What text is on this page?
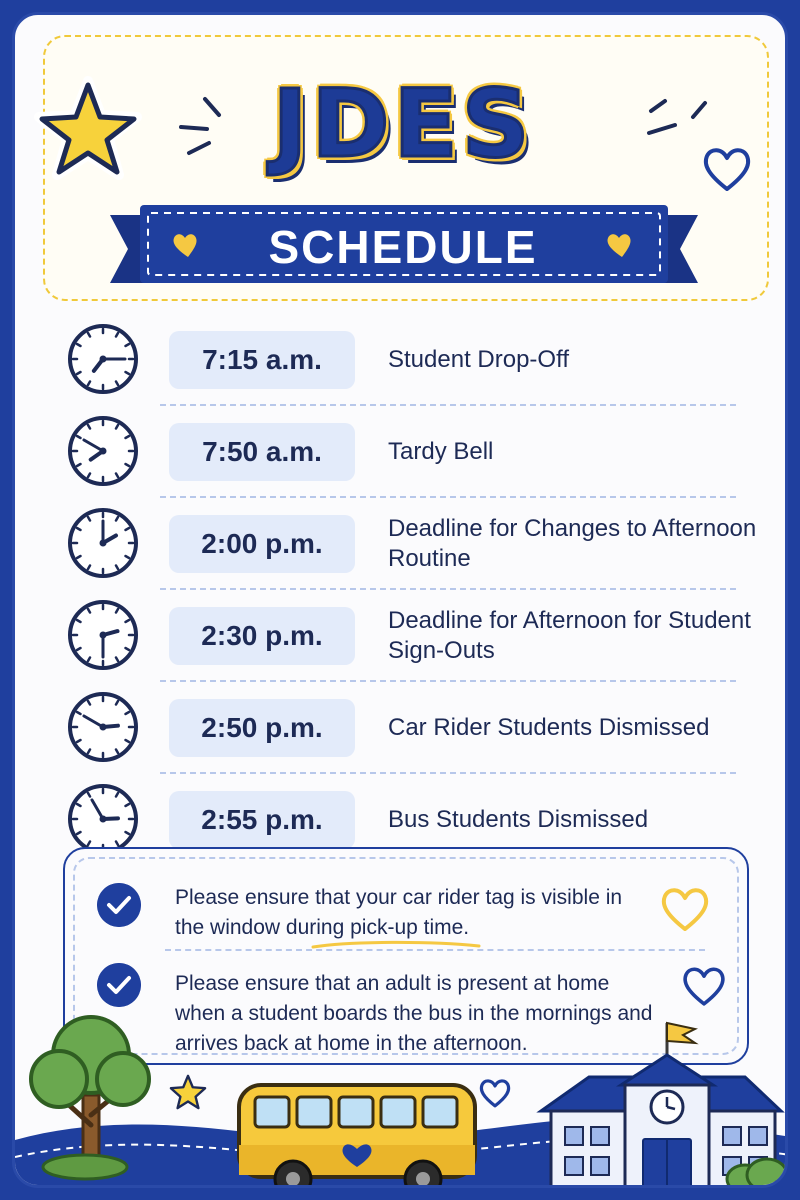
JDES
SCHEDULE
7:15 a.m.	Student Drop-Off
7:50 a.m.	Tardy Bell
2:00 p.m.	Deadline for Changes to Afternoon Routine
2:30 p.m.	Deadline for Afternoon for Student Sign-Outs
2:50 p.m.	Car Rider Students Dismissed
2:55 p.m.	Bus Students Dismissed
Please ensure that your car rider tag is visible in the window during pick-up time.
Please ensure that an adult is present at home when a student boards the bus in the mornings and arrives back at home in the afternoon.
